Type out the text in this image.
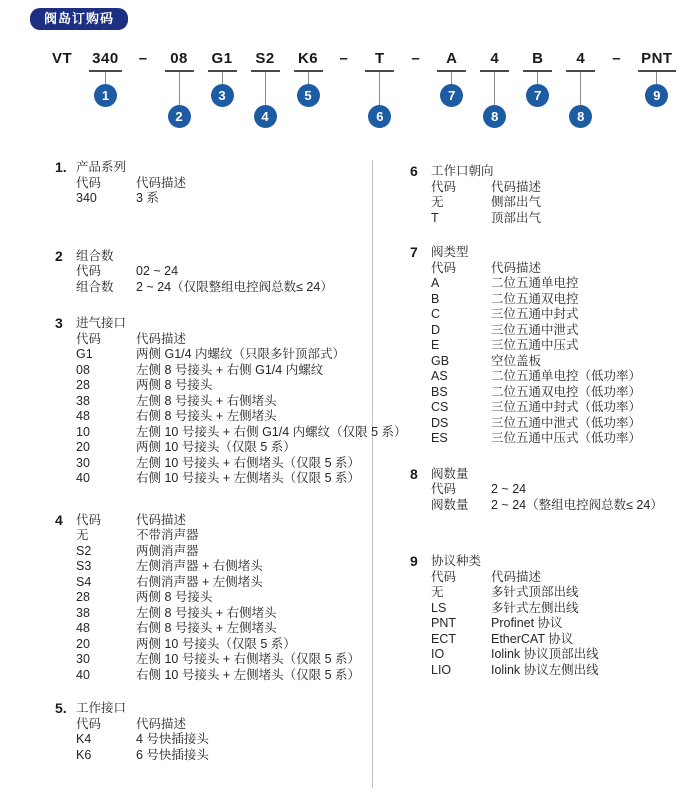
阀岛订购码
VT 340
1
– 08
2
G1
3
S2
4
K6
5
– T
6
– A
7
4
8
B
7
4
8
– PNT
9
1. 产品系列
代码	代码描述
340	3 系
2	组合数
代码	02 ~ 24
组合数	2 ~ 24（仅限整组电控阀总数≤ 24）
3	进气接口
代码	代码描述
G1	两侧 G1/4 内螺纹（只限多针顶部式）
08	左侧 8 号接头 + 右侧 G1/4 内螺纹
28	两侧 8 号接头
38	左侧 8 号接头 + 右侧堵头
48	右侧 8 号接头 + 左侧堵头
10	左侧 10 号接头 + 右侧 G1/4 内螺纹（仅限 5 系）
20	两侧 10 号接头（仅限 5 系）
30	左侧 10 号接头 + 右侧堵头（仅限 5 系）
40	右侧 10 号接头 + 左侧堵头（仅限 5 系）
4	代码	代码描述
无	不带消声器
S2	两侧消声器
S3	左侧消声器 + 右侧堵头
S4	右侧消声器 + 左侧堵头
28	两侧 8 号接头
38	左侧 8 号接头 + 右侧堵头
48	右侧 8 号接头 + 左侧堵头
20	两侧 10 号接头（仅限 5 系）
30	左侧 10 号接头 + 右侧堵头（仅限 5 系）
40	右侧 10 号接头 + 左侧堵头（仅限 5 系）
5. 工作接口
代码	代码描述
K4	4 号快插接头
K6	6 号快插接头
6	工作口朝向
代码	代码描述
无	侧部出气
T	顶部出气
7	阀类型
代码	代码描述
A	二位五通单电控
B	二位五通双电控
C	三位五通中封式
D	三位五通中泄式
E	三位五通中压式
GB	空位盖板
AS	二位五通单电控（低功率）
BS	二位五通双电控（低功率）
CS	三位五通中封式（低功率）
DS	三位五通中泄式（低功率）
ES	三位五通中压式（低功率）
8	阀数量
代码	2 ~ 24
阀数量	2 ~ 24（整组电控阀总数≤ 24）
9	协议种类
代码	代码描述
无	多针式顶部出线
LS	多针式左侧出线
PNT	Profinet 协议
ECT	EtherCAT 协议
IO	Iolink 协议顶部出线
LIO	Iolink 协议左侧出线
